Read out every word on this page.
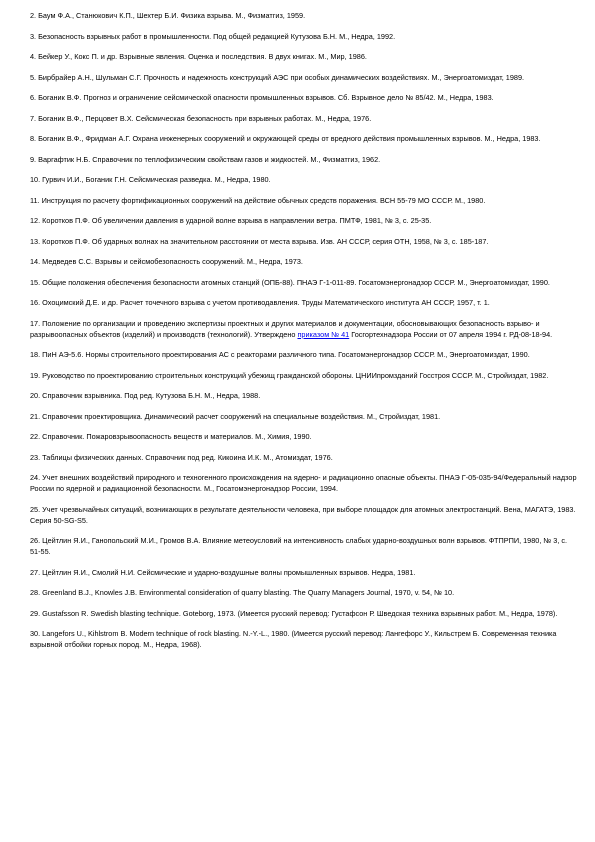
2. Баум Ф.А., Станюкович К.П., Шехтер Б.И. Физика взрыва. М., Физматгиз, 1959.

3. Безопасность взрывных работ в промышленности. Под общей редакцией Кутузова Б.Н. М., Недра, 1992.

4. Бейкер У., Кокс П. и др. Взрывные явления. Оценка и последствия. В двух книгах. М., Мир, 1986.

5. Бирбрайер А.Н., Шульман С.Г. Прочность и надежность конструкций АЭС при особых динамических воздействиях. М., Энергоатомиздат, 1989.

6. Боганик В.Ф. Прогноз и ограничение сейсмической опасности промышленных взрывов. Сб. Взрывное дело № 85/42. М., Недра, 1983.

7. Боганик В.Ф., Перцовет В.Х. Сейсмическая безопасность при взрывных работах. М., Недра, 1976.

8. Боганик В.Ф., Фридман А.Г. Охрана инженерных сооружений и окружающей среды от вредного действия промышленных взрывов. М., Недра, 1983.

9. Варгафтик Н.Б. Справочник по теплофизическим свойствам газов и жидкостей. М., Физматгиз, 1962.

10. Гурвич И.И., Боганик Г.Н. Сейсмическая разведка. М., Недра, 1980.

11. Инструкция по расчету фортификационных сооружений на действие обычных средств поражения. ВСН 55-79 МО СССР. М., 1980.

12. Коротков П.Ф. Об увеличении давления в ударной волне взрыва в направлении ветра. ПМТФ, 1981, № 3, с. 25-35.

13. Коротков П.Ф. Об ударных волнах на значительном расстоянии от места взрыва. Изв. АН СССР, серия ОТН, 1958, № 3, с. 185-187.

14. Медведев С.С. Взрывы и сейсмобезопасность сооружений. М., Недра, 1973.

15. Общие положения обеспечения безопасности атомных станций (ОПБ-88). ПНАЭ Г-1-011-89. Госатомэнергонадзор СССР. М., Энергоатомиздат, 1990.

16. Охоцимский Д.Е. и др. Расчет точечного взрыва с учетом противодавления. Труды Математического института АН СССР, 1957, т. 1.

17. Положение по организации и проведению экспертизы проектных и других материалов и документации, обосновывающих безопасность взрыво- и разрывоопасных объектов (изделий) и производств (технологий). Утверждено приказом № 41 Госгортехнадзора России от 07 апреля 1994 г. РД-08-18-94.

18. ПиН АЭ-5.6. Нормы строительного проектирования АС с реакторами различного типа. Госатомэнергонадзор СССР. М., Энергоатомиздат, 1990.

19. Руководство по проектированию строительных конструкций убежищ гражданской обороны. ЦНИИпромзданий Госстроя СССР. М., Стройиздат, 1982.

20. Справочник взрывника. Под ред. Кутузова Б.Н. М., Недра, 1988.

21. Справочник проектировщика. Динамический расчет сооружений на специальные воздействия. М., Стройиздат, 1981.

22. Справочник. Пожаровзрывоопасность веществ и материалов. М., Химия, 1990.

23. Таблицы физических данных. Справочник под ред. Кикоина И.К. М., Атомиздат, 1976.

24. Учет внешних воздействий природного и техногенного происхождения на ядерно- и радиационно опасные объекты. ПНАЭ Г-05-035-94/Федеральный надзор России по ядерной и радиационной безопасности. М., Госатомэнергонадзор России, 1994.

25. Учет чрезвычайных ситуаций, возникающих в результате деятельности человека, при выборе площадок для атомных электростанций. Вена, МАГАТЭ, 1983. Серия 50-SG-S5.

26. Цейтлин Я.И., Ганопольский М.И., Громов В.А. Влияние метеоусловий на интенсивность слабых ударно-воздушных волн взрывов. ФТПРПИ, 1980, № 3, с. 51-55.

27. Цейтлин Я.И., Смолий Н.И. Сейсмические и ударно-воздушные волны промышленных взрывов. Недра, 1981.

28. Greenland B.J., Knowles J.B. Environmental consideration of quarry blasting. The Quarry Managers Journal, 1970, v. 54, № 10.

29. Gustafsson R. Swedish blasting technique. Goteborg, 1973. (Имеется русский перевод: Густафсон Р. Шведская техника взрывных работ. М., Недра, 1978).

30. Langefors U., Kihlstrom B. Modern technique of rock blasting. N.-Y.-L., 1980. (Имеется русский перевод: Лангефорс У., Кильстрем Б. Современная техника взрывной отбойки горных пород. М., Недра, 1968).
